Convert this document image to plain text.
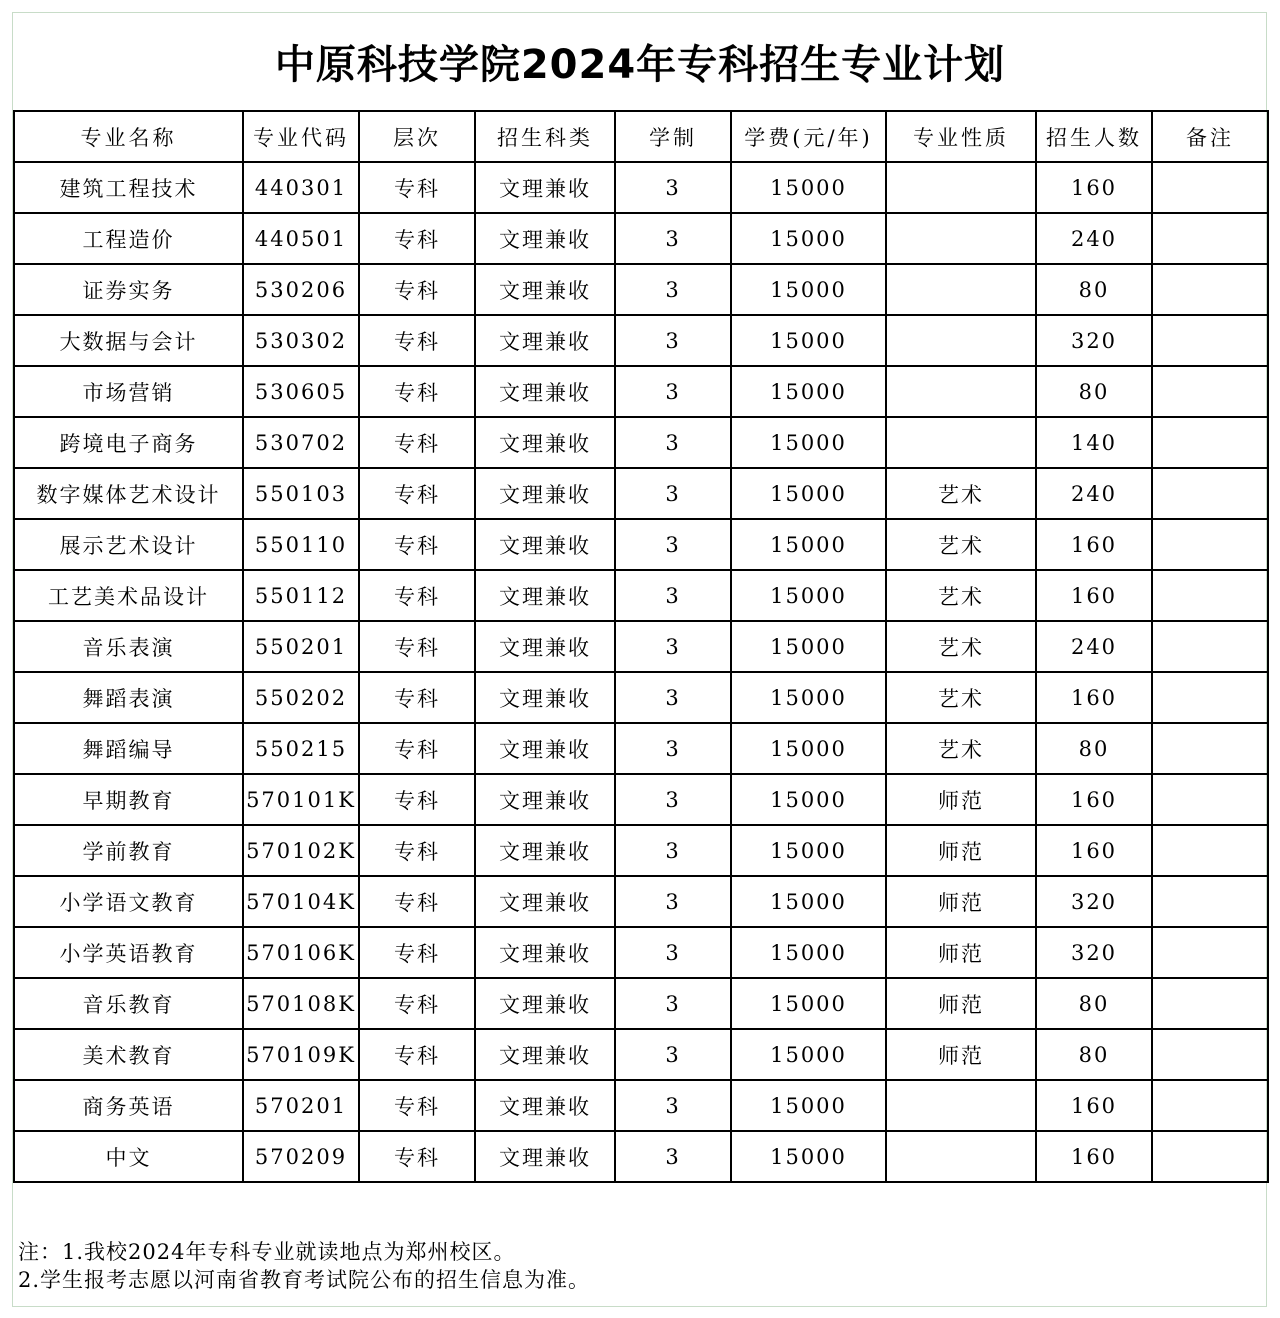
中原科技学院2024年专科招生专业计划
专业名称	专业代码	层次	招生科类	学制	学费(元/年)	专业性质	招生人数	备注
建筑工程技术	440301	专科	文理兼收	3	15000		160	
工程造价	440501	专科	文理兼收	3	15000		240	
证券实务	530206	专科	文理兼收	3	15000		80	
大数据与会计	530302	专科	文理兼收	3	15000		320	
市场营销	530605	专科	文理兼收	3	15000		80	
跨境电子商务	530702	专科	文理兼收	3	15000		140	
数字媒体艺术设计	550103	专科	文理兼收	3	15000	艺术	240	
展示艺术设计	550110	专科	文理兼收	3	15000	艺术	160	
工艺美术品设计	550112	专科	文理兼收	3	15000	艺术	160	
音乐表演	550201	专科	文理兼收	3	15000	艺术	240	
舞蹈表演	550202	专科	文理兼收	3	15000	艺术	160	
舞蹈编导	550215	专科	文理兼收	3	15000	艺术	80	
早期教育	570101K	专科	文理兼收	3	15000	师范	160	
学前教育	570102K	专科	文理兼收	3	15000	师范	160	
小学语文教育	570104K	专科	文理兼收	3	15000	师范	320	
小学英语教育	570106K	专科	文理兼收	3	15000	师范	320	
音乐教育	570108K	专科	文理兼收	3	15000	师范	80	
美术教育	570109K	专科	文理兼收	3	15000	师范	80	
商务英语	570201	专科	文理兼收	3	15000		160	
中文	570209	专科	文理兼收	3	15000		160	
注：1.我校2024年专科专业就读地点为郑州校区。
2.学生报考志愿以河南省教育考试院公布的招生信息为准。
